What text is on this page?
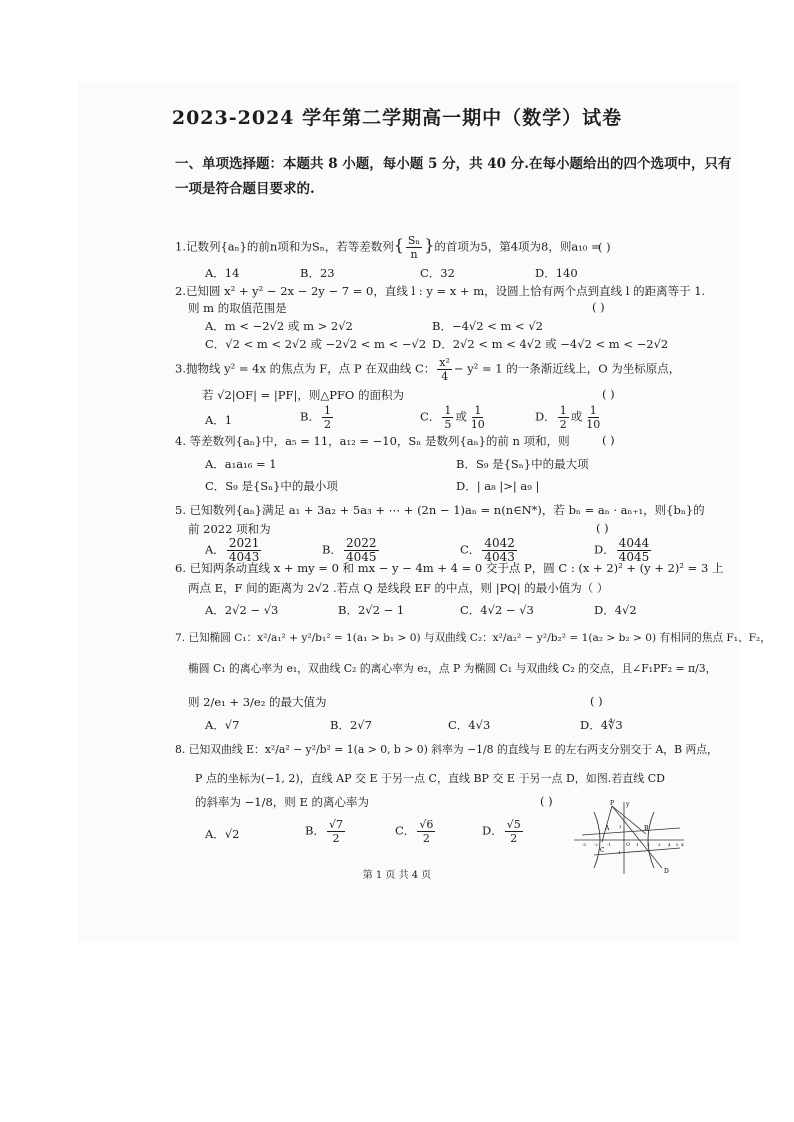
2023-2024 学年第二学期高一期中（数学）试卷
一、单项选择题：本题共 8 小题，每小题 5 分，共 40 分.在每小题给出的四个选项中，只有一项是符合题目要求的.
1.记数列{aₙ}的前n项和为Sₙ，若等差数列{ $\frac{\text{Sₙ}}{n}$ }的首项为5，第4项为8，则a₁₀ =
( )
A．14	B．23	C．32	D．140
2.已知圆 x² + y² − 2x − 2y − 7 = 0，直线 l : y = x + m，设圆上恰有两个点到直线 l 的距离等于 1.
则 m 的取值范围是	( )
A．m < −2√2 或 m > 2√2	B．−4√2 < m < √2
C．√2 < m < 2√2 或 −2√2 < m < −√2 D．2√2 < m < 4√2 或 −4√2 < m < −2√2
3.抛物线 y² = 4x 的焦点为 F，点 P 在双曲线 C： $\frac{\text{x²}}{4} - y^2 = 1$ 的一条渐近线上，O 为坐标原点，
若 √2|OF| = |PF|，则△PFO 的面积为	( )
A．1	B． $\frac{1}{2}$	C． $\frac{1}{5}$ 或 $\frac{1}{10}$	D． $\frac{1}{2}$ 或 $\frac{1}{10}$
4. 等差数列{aₙ}中，a₅ = 11，a₁₂ = −10，Sₙ 是数列{aₙ}的前 n 项和，则	( )
A．a₁a₁₆ = 1	B．S₉ 是{Sₙ}中的最大项
C．S₉ 是{Sₙ}中的最小项	D．| a₈ |>| a₉ |
5. 已知数列{aₙ}满足 a₁ + 3a₂ + 5a₃ + ⋯ + (2n − 1)aₙ = n(n∈N*)，若 bₙ = aₙ · aₙ₊₁，则{bₙ}的
前 2022 项和为	( )
A． $\frac{2021}{4043}$	B． $\frac{2022}{4045}$	C． $\frac{4042}{4043}$	D． $\frac{4044}{4045}$
6. 已知两条动直线 x + my = 0 和 mx − y − 4m + 4 = 0 交于点 P，圆 C : (x + 2)² + (y + 2)² = 3 上
两点 E，F 间的距离为 2√2 .若点 Q 是线段 EF 的中点，则 |PQ| 的最小值为（ ）
A．2√2 − √3	B．2√2 − 1	C．4√2 − √3	D．4√2
7. 已知椭圆 C₁：x²/a₁² + y²/b₁² = 1(a₁ > b₁ > 0) 与双曲线 C₂：x²/a₂² − y²/b₂² = 1(a₂ > b₂ > 0) 有相同的焦点 F₁、F₂，
椭圆 C₁ 的离心率为 e₁，双曲线 C₂ 的离心率为 e₂，点 P 为椭圆 C₁ 与双曲线 C₂ 的交点，且∠F₁PF₂ = π/3，
则 2/e₁ + 3/e₂ 的最大值为	( )
A．√7	B．2√7	C．4√3	D．4∜3
8. 已知双曲线 E：x²/a² − y²/b² = 1(a > 0, b > 0) 斜率为 −1/8 的直线与 E 的左右两支分别交于 A，B 两点，
P 点的坐标为(−1, 2)，直线 AP 交 E 于另一点 C，直线 BP 交 E 于另一点 D，如图.若直线 CD
的斜率为 −1/8，则 E 的离心率为	( )
A．√2	B． $\frac{√7}{2}$	C． $\frac{√6}{2}$	D． $\frac{√5}{2}$
P y
A	B
C
D
O	x
-3 -2 -1	1 2 3 4 5
1
-1
第 1 页 共 4 页
